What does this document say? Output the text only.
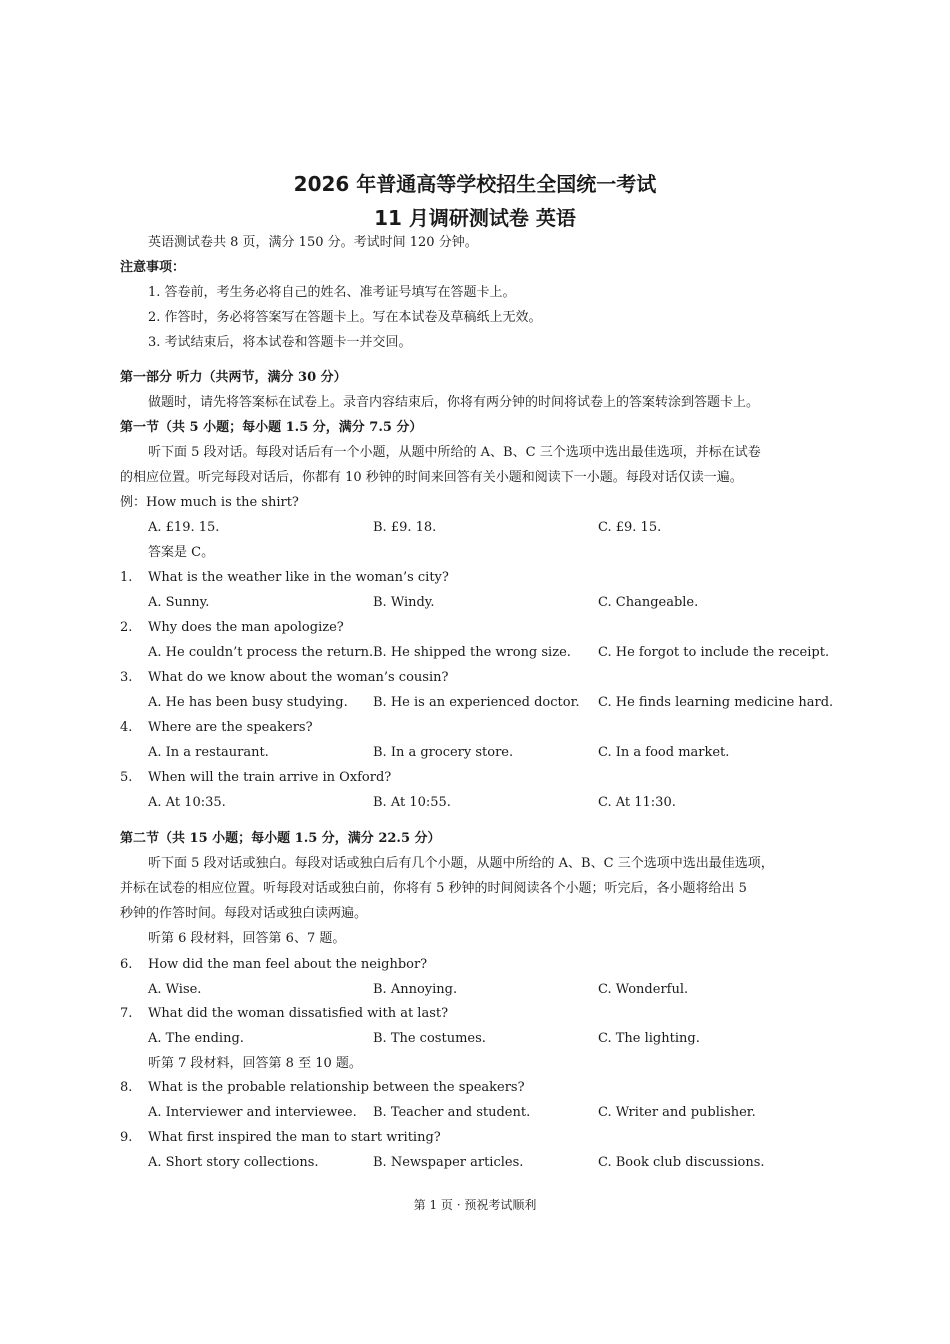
2026 年普通高等学校招生全国统一考试
11 月调研测试卷 英语
英语测试卷共 8 页，满分 150 分。考试时间 120 分钟。
注意事项：
1. 答卷前，考生务必将自己的姓名、准考证号填写在答题卡上。
2. 作答时，务必将答案写在答题卡上。写在本试卷及草稿纸上无效。
3. 考试结束后，将本试卷和答题卡一并交回。
第一部分 听力（共两节，满分 30 分）
做题时，请先将答案标在试卷上。录音内容结束后，你将有两分钟的时间将试卷上的答案转涂到答题卡上。
第一节（共 5 小题；每小题 1.5 分，满分 7.5 分）
听下面 5 段对话。每段对话后有一个小题，从题中所给的 A、B、C 三个选项中选出最佳选项，并标在试卷
的相应位置。听完每段对话后，你都有 10 秒钟的时间来回答有关小题和阅读下一小题。每段对话仅读一遍。
例：How much is the shirt?
A. £19. 15.	B. £9. 18.	C. £9. 15.
答案是 C。
1. What is the weather like in the woman’s city?
A. Sunny.	B. Windy.	C. Changeable.
2. Why does the man apologize?
A. He couldn’t process the return. B. He shipped the wrong size. C. He forgot to include the receipt.
3. What do we know about the woman’s cousin?
A. He has been busy studying. B. He is an experienced doctor. C. He finds learning medicine hard.
4. Where are the speakers?
A. In a restaurant.	B. In a grocery store.	C. In a food market.
5. When will the train arrive in Oxford?
A. At 10:35.	B. At 10:55.	C. At 11:30.
第二节（共 15 小题；每小题 1.5 分，满分 22.5 分）
听下面 5 段对话或独白。每段对话或独白后有几个小题，从题中所给的 A、B、C 三个选项中选出最佳选项，
并标在试卷的相应位置。听每段对话或独白前，你将有 5 秒钟的时间阅读各个小题；听完后，各小题将给出 5
秒钟的作答时间。每段对话或独白读两遍。
听第 6 段材料，回答第 6、7 题。
6. How did the man feel about the neighbor?
A. Wise.	B. Annoying.	C. Wonderful.
7. What did the woman dissatisfied with at last?
A. The ending.	B. The costumes.	C. The lighting.
听第 7 段材料，回答第 8 至 10 题。
8. What is the probable relationship between the speakers?
A. Interviewer and interviewee. B. Teacher and student.	C. Writer and publisher.
9. What first inspired the man to start writing?
A. Short story collections.	B. Newspaper articles.	C. Book club discussions.
第 1 页 · 预祝考试顺利
